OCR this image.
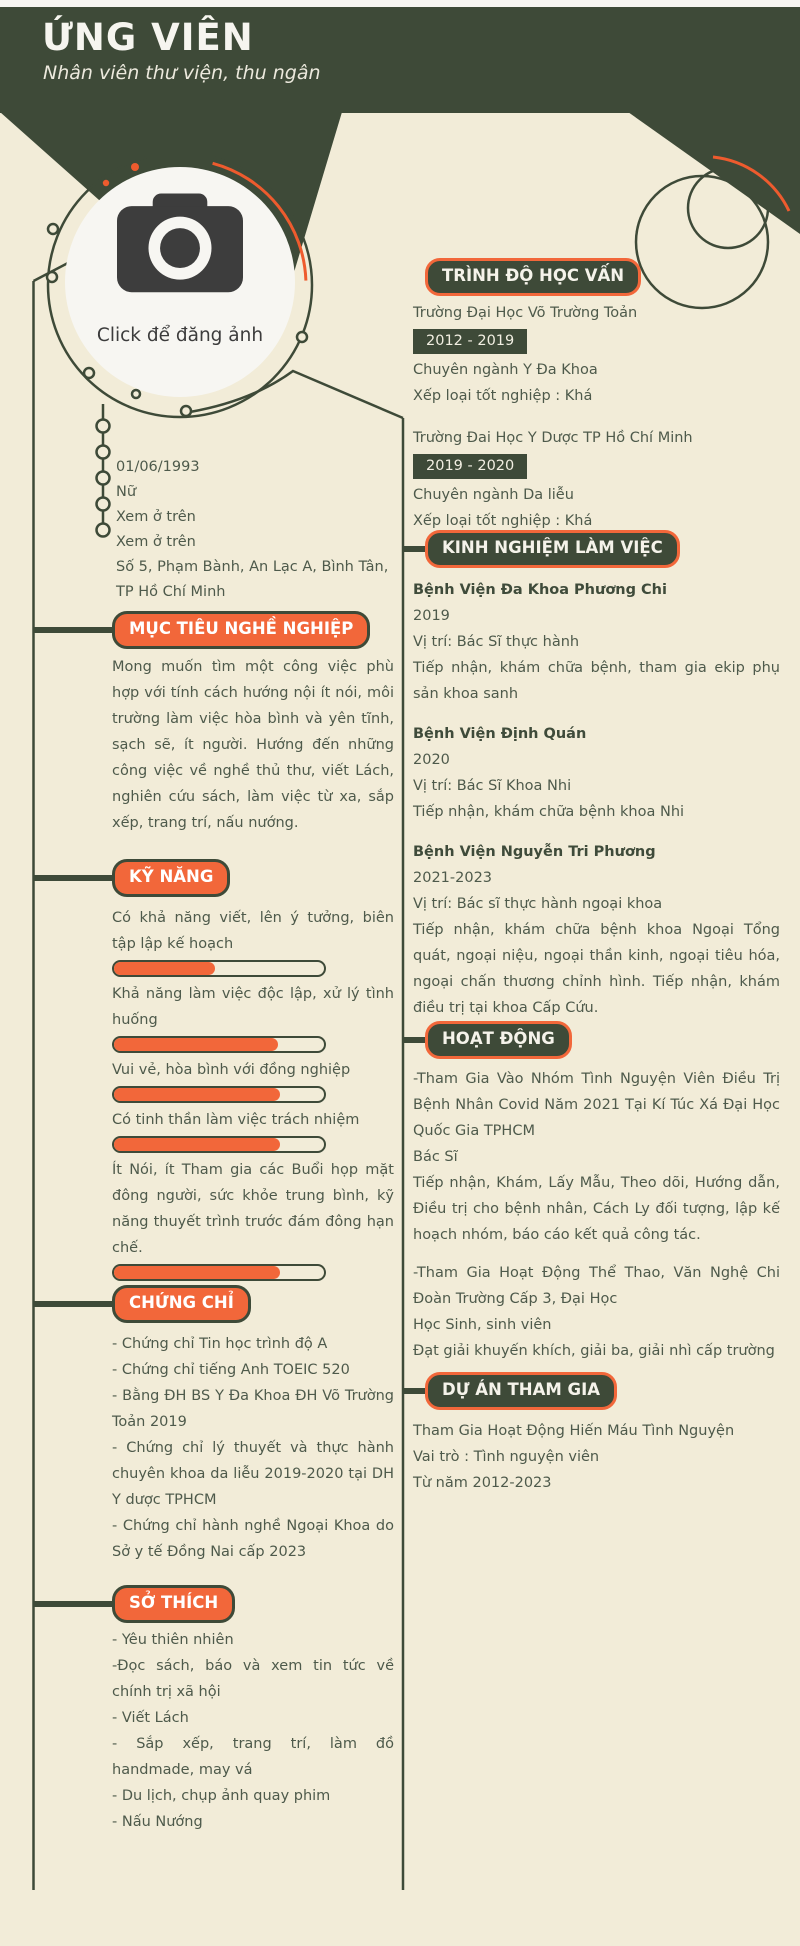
ỨNG VIÊN
Nhân viên thư viện, thu ngân
Click để đăng ảnh
01/06/1993
Nữ
Xem ở trên
Xem ở trên
Số 5, Phạm Bành, An Lạc A, Bình Tân, TP Hồ Chí Minh
MỤC TIÊU NGHỀ NGHIỆP
Mong muốn tìm một công việc phù hợp với tính cách hướng nội ít nói, môi trường làm việc hòa bình và yên tĩnh, sạch sẽ, ít người. Hướng đến những công việc về nghề thủ thư, viết Lách, nghiên cứu sách, làm việc từ xa, sắp xếp, trang trí, nấu nướng.
KỸ NĂNG
Có khả năng viết, lên ý tưởng, biên tập lập kế hoạch
Khả năng làm việc độc lập, xử lý tình huống
Vui vẻ, hòa bình với đồng nghiệp
Có tinh thần làm việc trách nhiệm
Ít Nói, ít Tham gia các Buổi họp mặt đông người, sức khỏe trung bình, kỹ năng thuyết trình trước đám đông hạn chế.
CHỨNG CHỈ
- Chứng chỉ Tin học trình độ A
- Chứng chỉ tiếng Anh TOEIC 520
- Bằng ĐH BS Y Đa Khoa ĐH Võ Trường Toản 2019
- Chứng chỉ lý thuyết và thực hành chuyên khoa da liễu 2019-2020 tại DH Y dược TPHCM
- Chứng chỉ hành nghề Ngoại Khoa do Sở y tế Đồng Nai cấp 2023
SỞ THÍCH
- Yêu thiên nhiên
-Đọc sách, báo và xem tin tức về chính trị xã hội
- Viết Lách
- Sắp xếp, trang trí, làm đồ handmade, may vá
- Du lịch, chụp ảnh quay phim
- Nấu Nướng
TRÌNH ĐỘ HỌC VẤN
Trường Đại Học Võ Trường Toản
2012 - 2019
Chuyên ngành Y Đa Khoa
Xếp loại tốt nghiệp : Khá
Trường Đai Học Y Dược TP Hồ Chí Minh
2019 - 2020
Chuyên ngành Da liễu
Xếp loại tốt nghiệp : Khá
KINH NGHIỆM LÀM VIỆC
Bệnh Viện Đa Khoa Phương Chi
2019
Vị trí: Bác Sĩ thực hành
Tiếp nhận, khám chữa bệnh, tham gia ekip phụ sản khoa sanh
Bệnh Viện Định Quán
2020
Vị trí: Bác Sĩ Khoa Nhi
Tiếp nhận, khám chữa bệnh khoa Nhi
Bệnh Viện Nguyễn Tri Phương
2021-2023
Vị trí: Bác sĩ thực hành ngoại khoa
Tiếp nhận, khám chữa bệnh khoa Ngoại Tổng quát, ngoại niệu, ngoại thần kinh, ngoại tiêu hóa, ngoại chấn thương chỉnh hình. Tiếp nhận, khám điều trị tại khoa Cấp Cứu.
HOẠT ĐỘNG
-Tham Gia Vào Nhóm Tình Nguyện Viên Điều Trị Bệnh Nhân Covid Năm 2021 Tại Kí Túc Xá Đại Học Quốc Gia TPHCM
Bác Sĩ
Tiếp nhận, Khám, Lấy Mẫu, Theo dõi, Hướng dẫn, Điều trị cho bệnh nhân, Cách Ly đối tượng, lập kế hoạch nhóm, báo cáo kết quả công tác.
-Tham Gia Hoạt Động Thể Thao, Văn Nghệ Chi Đoàn Trường Cấp 3, Đại Học
Học Sinh, sinh viên
Đạt giải khuyến khích, giải ba, giải nhì cấp trường
DỰ ÁN THAM GIA
Tham Gia Hoạt Động Hiến Máu Tình Nguyện
Vai trò : Tình nguyện viên
Từ năm 2012-2023
